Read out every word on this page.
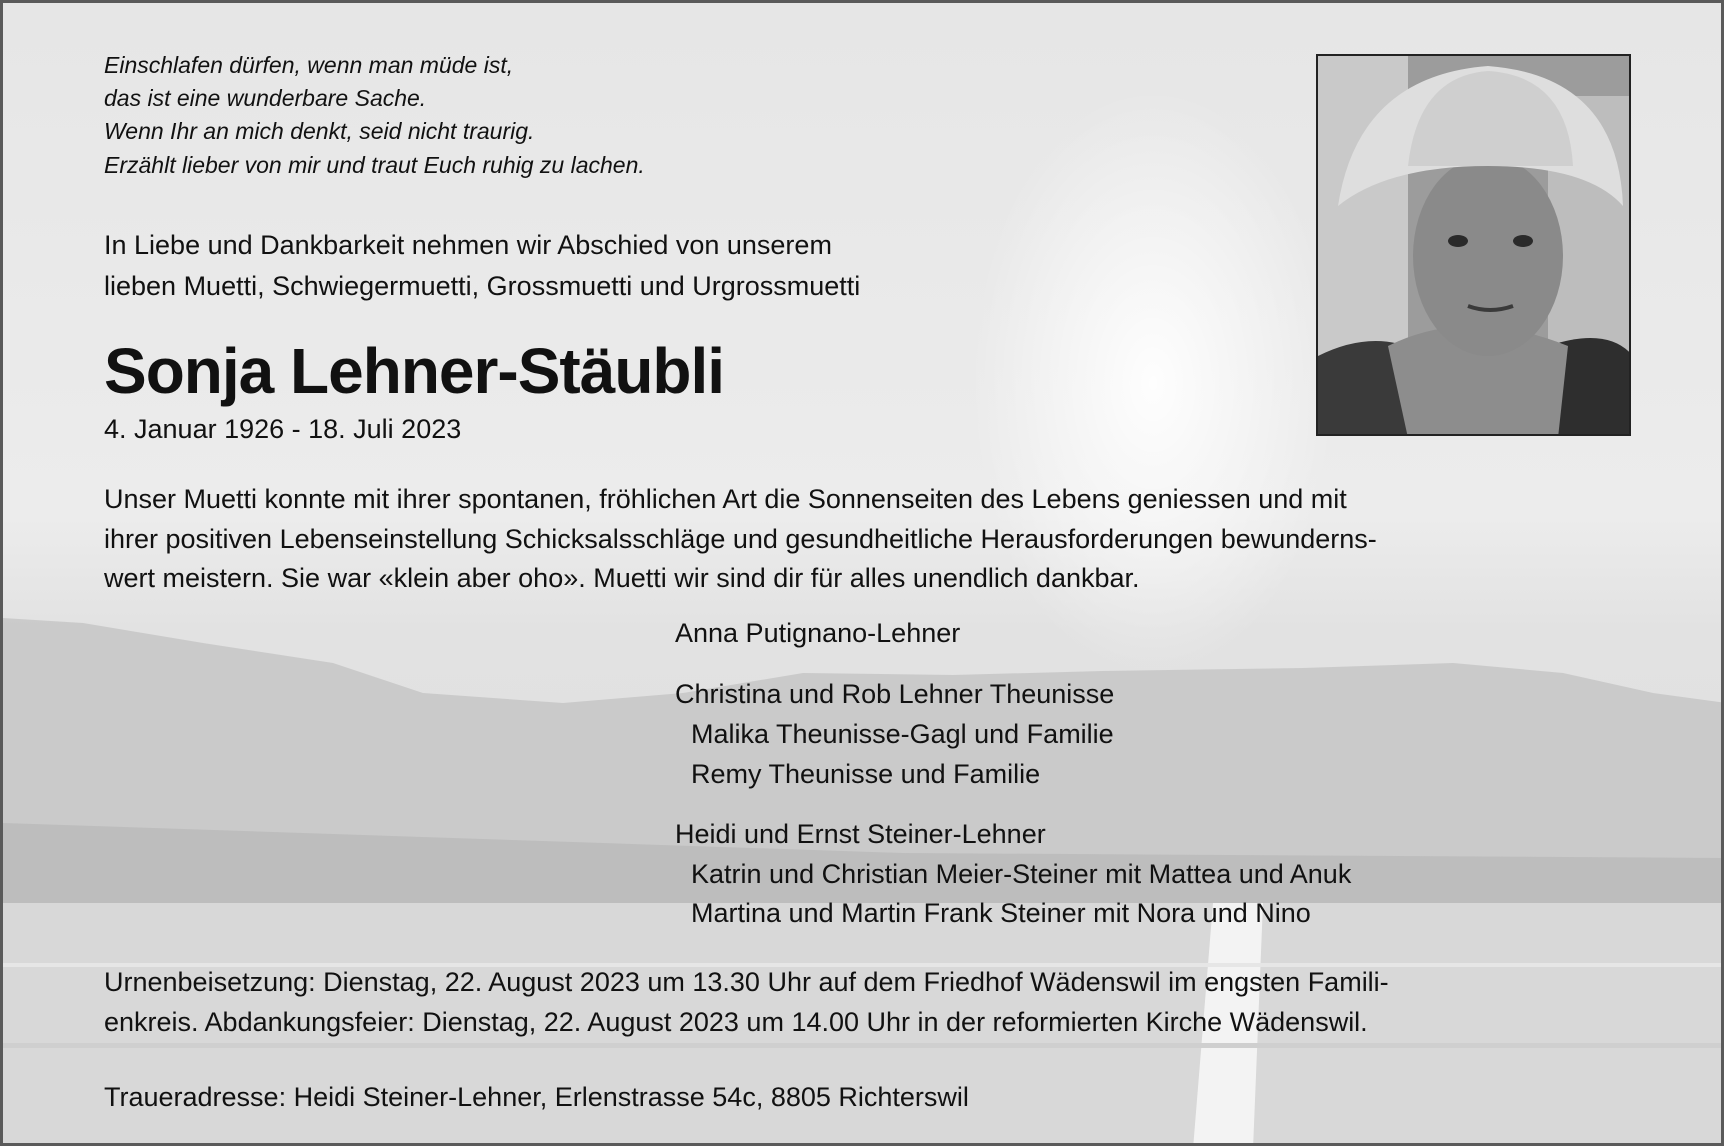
Einschlafen dürfen, wenn man müde ist,
das ist eine wunderbare Sache.
Wenn Ihr an mich denkt, seid nicht traurig.
Erzählt lieber von mir und traut Euch ruhig zu lachen.
In Liebe und Dankbarkeit nehmen wir Abschied von unserem
lieben Muetti, Schwiegermuetti, Grossmuetti und Urgrossmuetti
Sonja Lehner-Stäubli
4. Januar 1926 - 18. Juli 2023
Unser Muetti konnte mit ihrer spontanen, fröhlichen Art die Sonnenseiten des Lebens geniessen und mit
ihrer positiven Lebenseinstellung Schicksalsschläge und gesundheitliche Herausforderungen bewunderns-
wert meistern. Sie war «klein aber oho». Muetti wir sind dir für alles unendlich dankbar.
Anna Putignano-Lehner
Christina und Rob Lehner Theunisse
Malika Theunisse-Gagl und Familie
Remy Theunisse und Familie
Heidi und Ernst Steiner-Lehner
Katrin und Christian Meier-Steiner mit Mattea und Anuk
Martina und Martin Frank Steiner mit Nora und Nino
Urnenbeisetzung: Dienstag, 22. August 2023 um 13.30 Uhr auf dem Friedhof Wädenswil im engsten Famili-
enkreis. Abdankungsfeier: Dienstag, 22. August 2023 um 14.00 Uhr in der reformierten Kirche Wädenswil.
Traueradresse: Heidi Steiner-Lehner, Erlenstrasse 54c, 8805 Richterswil
